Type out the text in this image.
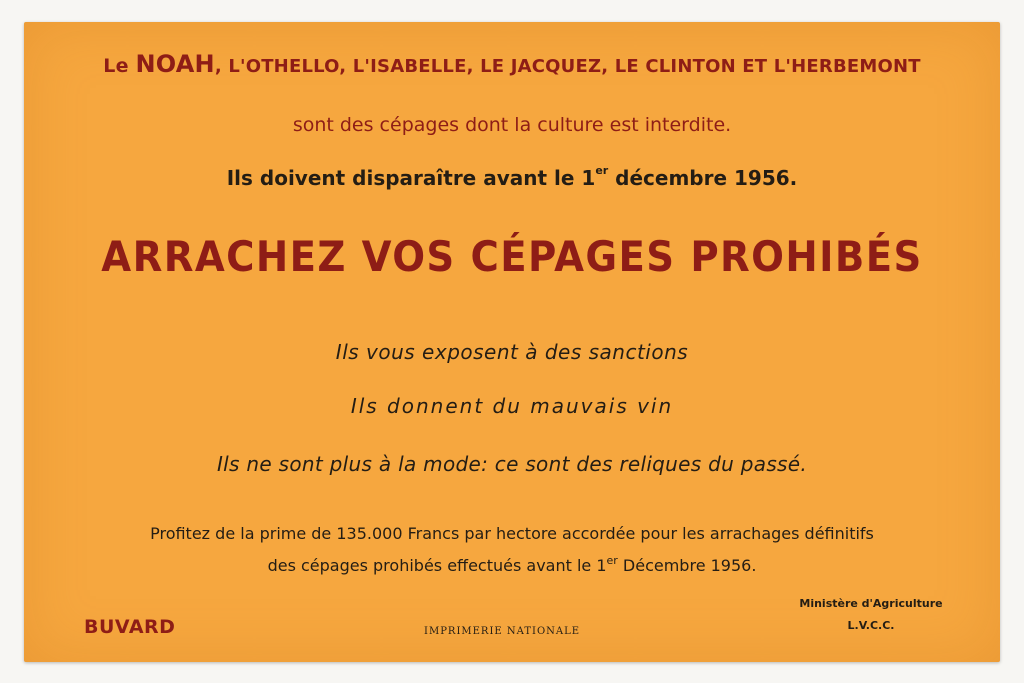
Le NOAH, L'OTHELLO, L'ISABELLE, LE JACQUEZ, LE CLINTON ET L'HERBEMONT
sont des cépages dont la culture est interdite.
Ils doivent disparaître avant le 1er décembre 1956.
ARRACHEZ VOS CÉPAGES PROHIBÉS
Ils vous exposent à des sanctions
Ils donnent du mauvais vin
Ils ne sont plus à la mode: ce sont des reliques du passé.
Profitez de la prime de 135.000 Francs par hectore accordée pour les arrachages définitifs
des cépages prohibés effectués avant le 1er Décembre 1956.
BUVARD	IMPRIMERIE NATIONALE
Ministère d'Agriculture
L.V.C.C.
